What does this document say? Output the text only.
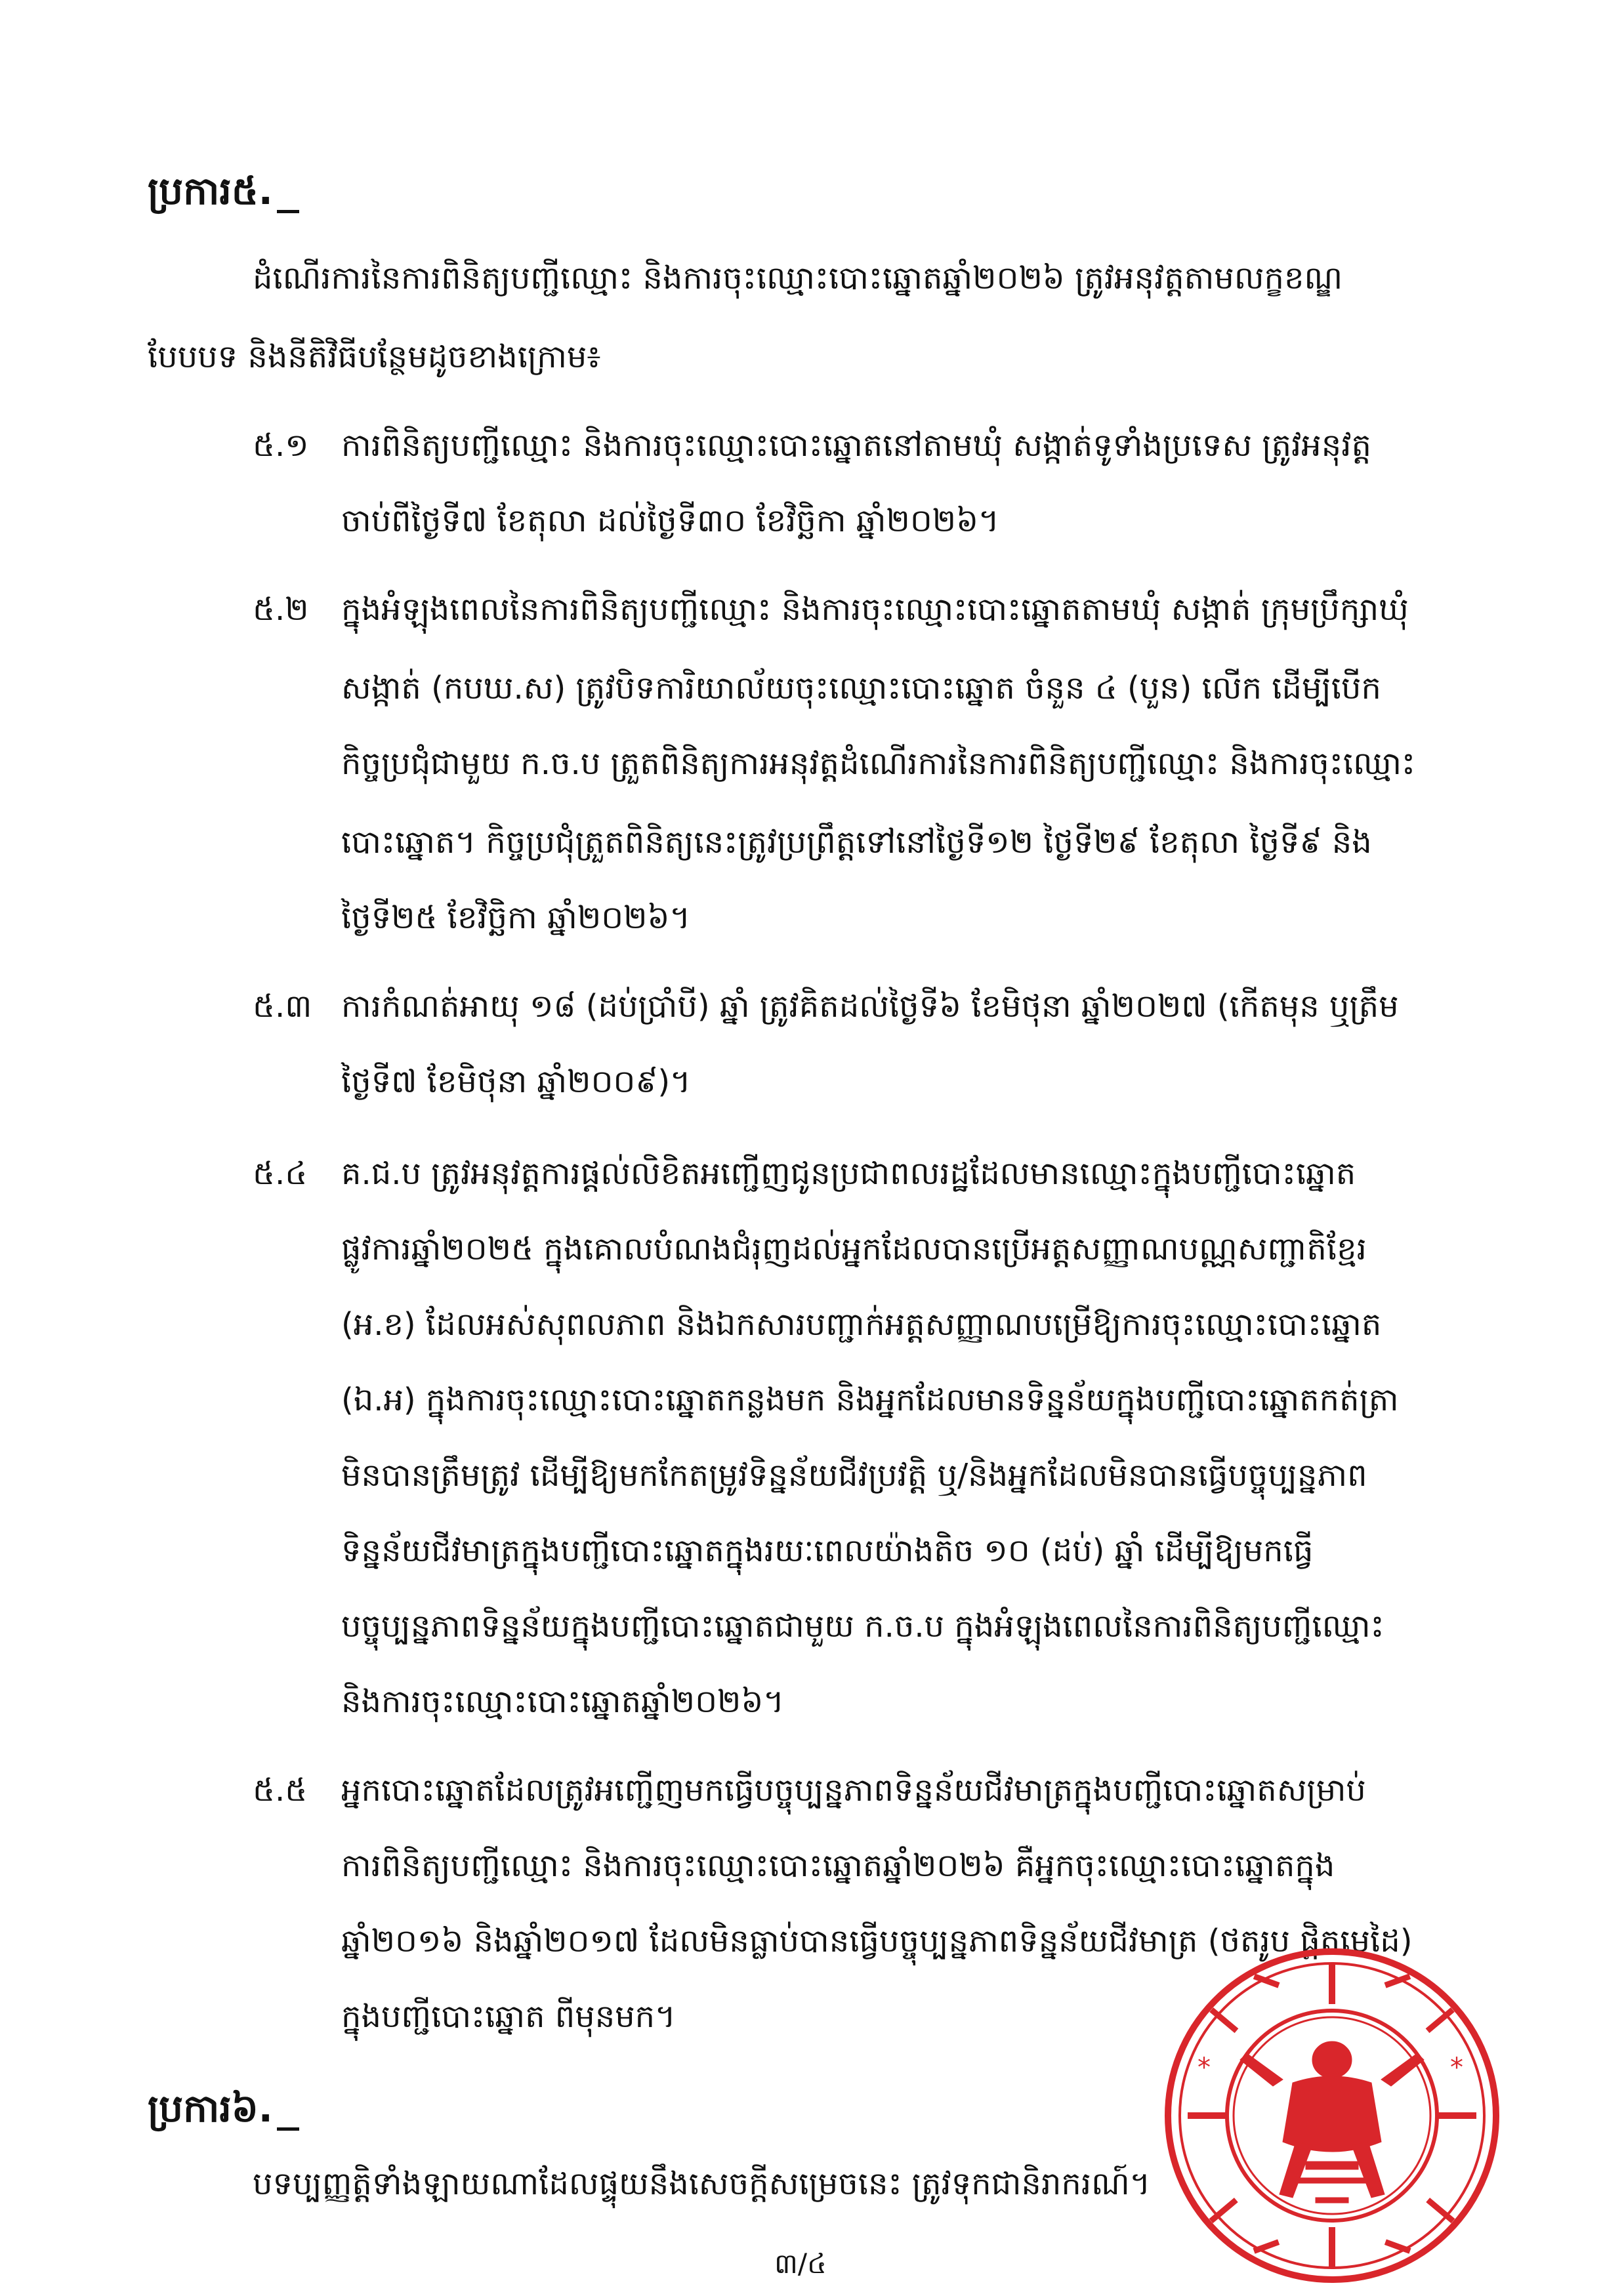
ប្រការ៥.
ដំណើរការនៃការពិនិត្យបញ្ជីឈ្មោះ និងការចុះឈ្មោះបោះឆ្នោតឆ្នាំ២០២៦ ត្រូវអនុវត្តតាមលក្ខខណ្ឌ
បែបបទ និងនីតិវិធីបន្ថែមដូចខាងក្រោម៖
៥.១ ការពិនិត្យបញ្ជីឈ្មោះ និងការចុះឈ្មោះបោះឆ្នោតនៅតាមឃុំ សង្កាត់ទូទាំងប្រទេស ត្រូវអនុវត្ត
ចាប់ពីថ្ងៃទី៧ ខែតុលា ដល់ថ្ងៃទី៣០ ខែវិច្ឆិកា ឆ្នាំ២០២៦។
៥.២ ក្នុងអំឡុងពេលនៃការពិនិត្យបញ្ជីឈ្មោះ និងការចុះឈ្មោះបោះឆ្នោតតាមឃុំ សង្កាត់ ក្រុមប្រឹក្សាឃុំ
សង្កាត់ (កបឃ.ស) ត្រូវបិទការិយាល័យចុះឈ្មោះបោះឆ្នោត ចំនួន ៤ (បួន) លើក ដើម្បីបើក
កិច្ចប្រជុំជាមួយ ក.ច.ប ត្រួតពិនិត្យការអនុវត្តដំណើរការនៃការពិនិត្យបញ្ជីឈ្មោះ និងការចុះឈ្មោះ
បោះឆ្នោត។ កិច្ចប្រជុំត្រួតពិនិត្យនេះត្រូវប្រព្រឹត្តទៅនៅថ្ងៃទី១២ ថ្ងៃទី២៩ ខែតុលា ថ្ងៃទី៩ និង
ថ្ងៃទី២៥ ខែវិច្ឆិកា ឆ្នាំ២០២៦។
៥.៣ ការកំណត់អាយុ ១៨ (ដប់ប្រាំបី) ឆ្នាំ ត្រូវគិតដល់ថ្ងៃទី៦ ខែមិថុនា ឆ្នាំ២០២៧ (កើតមុន ឬត្រឹម
ថ្ងៃទី៧ ខែមិថុនា ឆ្នាំ២០០៩)។
៥.៤ គ.ជ.ប ត្រូវអនុវត្តការផ្ដល់លិខិតអញ្ជើញជូនប្រជាពលរដ្ឋដែលមានឈ្មោះក្នុងបញ្ជីបោះឆ្នោត
ផ្លូវការឆ្នាំ២០២៥ ក្នុងគោលបំណងជំរុញដល់អ្នកដែលបានប្រើអត្តសញ្ញាណបណ្ណសញ្ជាតិខ្មែរ
(អ.ខ) ដែលអស់សុពលភាព និងឯកសារបញ្ជាក់អត្តសញ្ញាណបម្រើឱ្យការចុះឈ្មោះបោះឆ្នោត
(ឯ.អ) ក្នុងការចុះឈ្មោះបោះឆ្នោតកន្លងមក និងអ្នកដែលមានទិន្នន័យក្នុងបញ្ជីបោះឆ្នោតកត់ត្រា
មិនបានត្រឹមត្រូវ ដើម្បីឱ្យមកកែតម្រូវទិន្នន័យជីវប្រវត្តិ ឬ/និងអ្នកដែលមិនបានធ្វើបច្ចុប្បន្នភាព
ទិន្នន័យជីវមាត្រក្នុងបញ្ជីបោះឆ្នោតក្នុងរយៈពេលយ៉ាងតិច ១០ (ដប់) ឆ្នាំ ដើម្បីឱ្យមកធ្វើ
បច្ចុប្បន្នភាពទិន្នន័យក្នុងបញ្ជីបោះឆ្នោតជាមួយ ក.ច.ប ក្នុងអំឡុងពេលនៃការពិនិត្យបញ្ជីឈ្មោះ
និងការចុះឈ្មោះបោះឆ្នោតឆ្នាំ២០២៦។
៥.៥ អ្នកបោះឆ្នោតដែលត្រូវអញ្ជើញមកធ្វើបច្ចុប្បន្នភាពទិន្នន័យជីវមាត្រក្នុងបញ្ជីបោះឆ្នោតសម្រាប់
ការពិនិត្យបញ្ជីឈ្មោះ និងការចុះឈ្មោះបោះឆ្នោតឆ្នាំ២០២៦ គឺអ្នកចុះឈ្មោះបោះឆ្នោតក្នុង
ឆ្នាំ២០១៦ និងឆ្នាំ២០១៧ ដែលមិនធ្លាប់បានធ្វើបច្ចុប្បន្នភាពទិន្នន័យជីវមាត្រ (ថតរូប ផ្តិតមេដៃ)
ក្នុងបញ្ជីបោះឆ្នោត ពីមុនមក។
ប្រការ៦.
បទប្បញ្ញត្តិទាំងឡាយណាដែលផ្ទុយនឹងសេចក្តីសម្រេចនេះ ត្រូវទុកជានិរាករណ៍។
៣/៤
*	*
